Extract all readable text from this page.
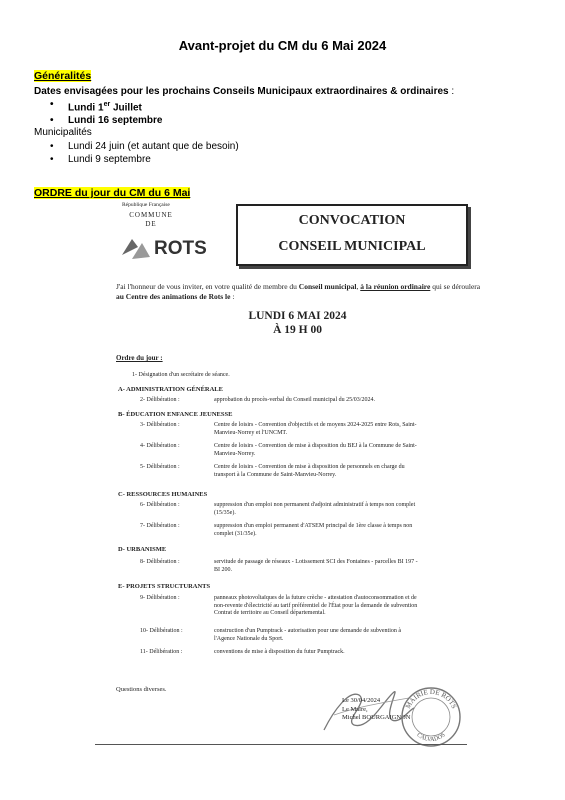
Avant-projet du CM du 6 Mai 2024
Généralités
Dates envisagées pour les prochains Conseils Municipaux extraordinaires & ordinaires :
• Lundi 1er Juillet
• Lundi 16 septembre
Municipalités
• Lundi 24 juin (et autant que de besoin)
• Lundi 9 septembre
ORDRE du jour du CM du 6 Mai
République Française
COMMUNE
DE
ROTS
CONVOCATION
CONSEIL MUNICIPAL
J'ai l'honneur de vous inviter, en votre qualité de membre du Conseil municipal, à la réunion ordinaire qui se déroulera au Centre des animations de Rots le :
LUNDI 6 MAI 2024
À 19 H 00
Ordre du jour :
1- Désignation d'un secrétaire de séance.
A- ADMINISTRATION GÉNÉRALE
2- Délibération :	approbation du procès-verbal du Conseil municipal du 25/03/2024.
B- ÉDUCATION ENFANCE JEUNESSE
3- Délibération :	Centre de loisirs - Convention d'objectifs et de moyens 2024-2025 entre Rots, Saint-Manvieu-Norrey et l'UNCMT.
4- Délibération :	Centre de loisirs - Convention de mise à disposition du BEJ à la Commune de Saint-Manvieu-Norrey.
5- Délibération :	Centre de loisirs - Convention de mise à disposition de personnels en charge du transport à la Commune de Saint-Manvieu-Norrey.
C- RESSOURCES HUMAINES
6- Délibération :	suppression d'un emploi non permanent d'adjoint administratif à temps non complet (15/35e).
7- Délibération :	suppression d'un emploi permanent d'ATSEM principal de 1ère classe à temps non complet (31/35e).
D- URBANISME
8- Délibération :	servitude de passage de réseaux - Lotissement SCI des Fontaines - parcelles BI 197 - BI 200.
E- PROJETS STRUCTURANTS
9- Délibération :	panneaux photovoltaïques de la future crèche - attestation d'autoconsommation et de non-revente d'électricité au tarif préférentiel de l'État pour la demande de subvention Contrat de territoire au Conseil départemental.
10- Délibération :	construction d'un Pumptrack - autorisation pour une demande de subvention à l'Agence Nationale du Sport.
11- Délibération :	conventions de mise à disposition du futur Pumptrack.
Questions diverses.
Le 30/04/2024
Le Maire,
Michel BOURGAIGNON
MAIRIE DE ROTS
CALVADOS
